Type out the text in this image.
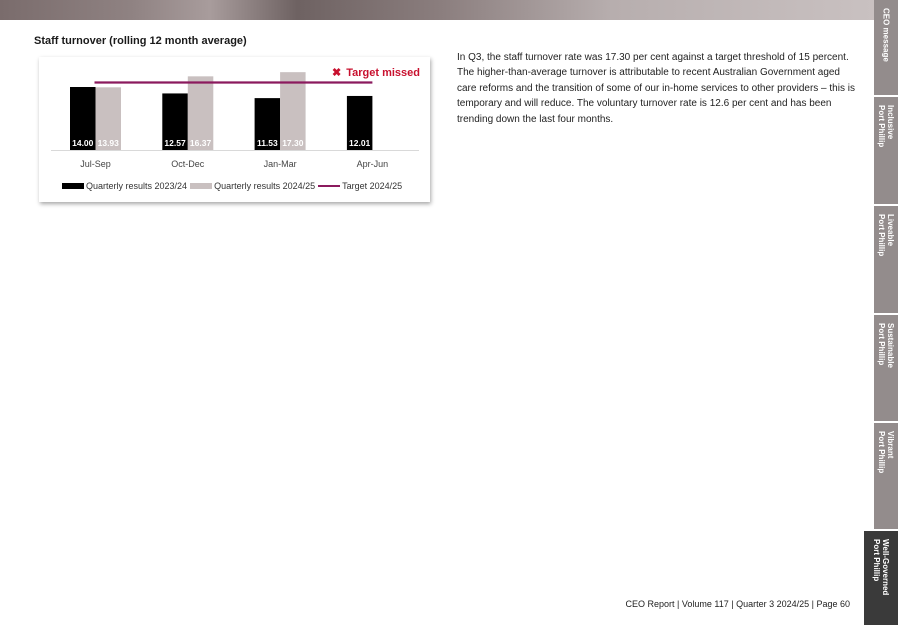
Staff turnover (rolling 12 month average)
14.00 13.93
Jul-Sep
12.57 16.37
Oct-Dec
11.53 17.30
Jan-Mar
12.01
Apr-Jun
✖ Target missed
Quarterly results 2023/24	Quarterly results 2024/25	Target 2024/25
In Q3, the staff turnover rate was 17.30 per cent against a target threshold of 15 percent. The higher-than-average turnover is attributable to recent Australian Government aged care reforms and the transition of some of our in-home services to other providers – this is temporary and will reduce. The voluntary turnover rate is 12.6 per cent and has been trending down the last four months.
CEO message
Inclusive
Port Phillip
Liveable
Port Phillip
Sustainable
Port Phillip
Vibrant
Port Phillip
Well-Governed
Port Phillip
CEO Report | Volume 117 | Quarter 3 2024/25 | Page 60
